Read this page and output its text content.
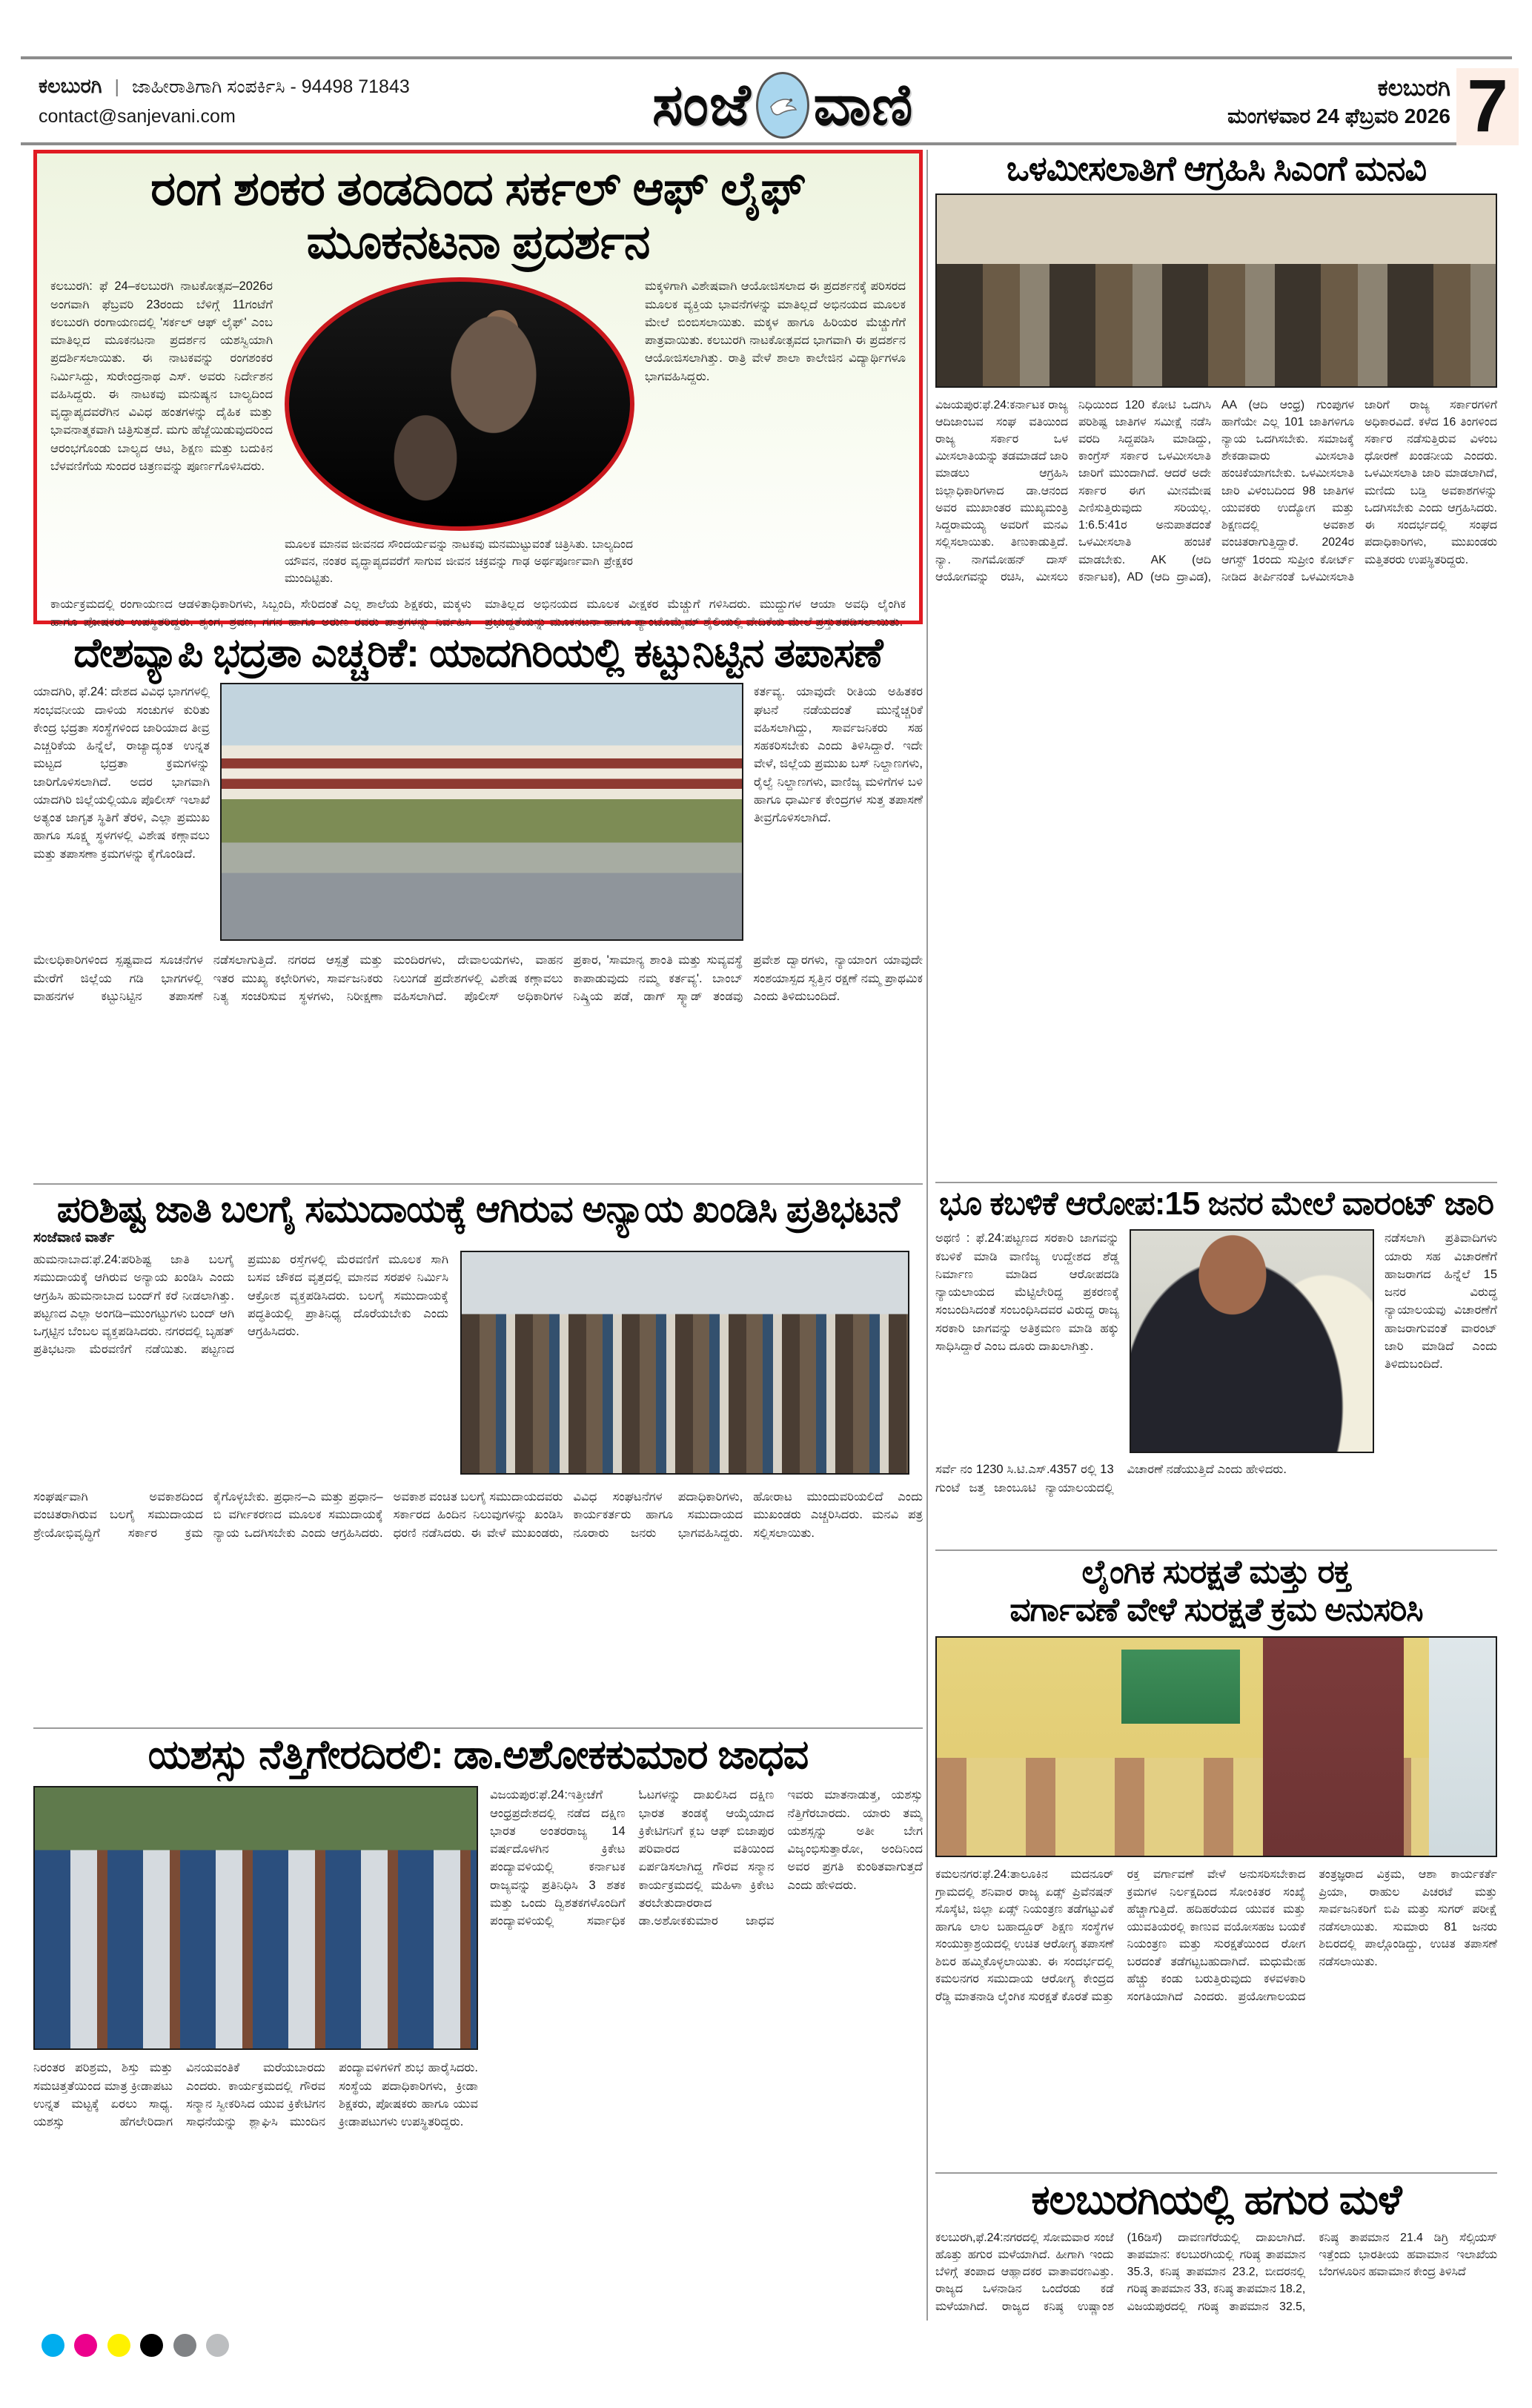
ಕಲಬುರಗಿ | ಜಾಹೀರಾತಿಗಾಗಿ ಸಂಪರ್ಕಿಸಿ - 94498 71843
contact@sanjevani.com	ಸಂಜೆ ವಾಣಿ	ಕಲಬುರಗಿ
ಮಂಗಳವಾರ 24 ಫೆಬ್ರವರಿ 2026 7
ರಂಗ ಶಂಕರ ತಂಡದಿಂದ ಸರ್ಕಲ್ ಆಫ್ ಲೈಫ್ ಮೂಕನಟನಾ ಪ್ರದರ್ಶನ
ಕಲಬುರಗಿ: ಫೆ 24–ಕಲಬುರಗಿ ನಾಟಕೋತ್ಸವ–2026ರ ಅಂಗವಾಗಿ ಫೆಬ್ರವರಿ 23ರಂದು ಬೆಳಿಗ್ಗೆ 11ಗಂಟೆಗೆ ಕಲಬುರಗಿ ರಂಗಾಯಣದಲ್ಲಿ 'ಸರ್ಕಲ್ ಆಫ್ ಲೈಫ್' ಎಂಬ ಮಾತಿಲ್ಲದ ಮೂಕನಟನಾ ಪ್ರದರ್ಶನ ಯಶಸ್ವಿಯಾಗಿ ಪ್ರದರ್ಶಿಸಲಾಯಿತು. ಈ ನಾಟಕವನ್ನು ರಂಗಶಂಕರ ನಿರ್ಮಿಸಿದ್ದು, ಸುರೇಂದ್ರನಾಥ ಎಸ್. ಅವರು ನಿರ್ದೇಶನ ವಹಿಸಿದ್ದರು. ಈ ನಾಟಕವು ಮನುಷ್ಯನ ಬಾಲ್ಯದಿಂದ ವೃದ್ಧಾಪ್ಯದವರೆಗಿನ ವಿವಿಧ ಹಂತಗಳನ್ನು ದೈಹಿಕ ಮತ್ತು ಭಾವನಾತ್ಮಕವಾಗಿ ಚಿತ್ರಿಸುತ್ತದೆ. ಮಗು ಹೆಜ್ಜೆಯಿಡುವುದರಿಂದ ಆರಂಭಗೊಂಡು ಬಾಲ್ಯದ ಆಟ, ಶಿಕ್ಷಣ ಮತ್ತು ಬದುಕಿನ ಬೆಳವಣಿಗೆಯ ಸುಂದರ ಚಿತ್ರಣವನ್ನು ಪೂರ್ಣಗೊಳಿಸಿದರು.
ಮೂಲಕ ಮಾನವ ಜೀವನದ ಸೌಂದರ್ಯವನ್ನು ನಾಟಕವು ಮನಮುಟ್ಟುವಂತೆ ಚಿತ್ರಿಸಿತು. ಬಾಲ್ಯದಿಂದ ಯೌವನ, ನಂತರ ವೃದ್ಧಾಪ್ಯದವರೆಗೆ ಸಾಗುವ ಜೀವನ ಚಕ್ರವನ್ನು ಗಾಢ ಅರ್ಥಪೂರ್ಣವಾಗಿ ಪ್ರೇಕ್ಷಕರ ಮುಂದಿಟ್ಟಿತು.
ಮಕ್ಕಳಿಗಾಗಿ ವಿಶೇಷವಾಗಿ ಆಯೋಜಿಸಲಾದ ಈ ಪ್ರದರ್ಶನಕ್ಕೆ ಪರಿಸರದ ಮೂಲಕ ವ್ಯಕ್ತಿಯ ಭಾವನೆಗಳನ್ನು ಮಾತಿಲ್ಲದೆ ಅಭಿನಯದ ಮೂಲಕ ಮೇಲೆ ಬಿಂಬಿಸಲಾಯಿತು. ಮಕ್ಕಳ ಹಾಗೂ ಹಿರಿಯರ ಮೆಚ್ಚುಗೆಗೆ ಪಾತ್ರವಾಯಿತು. ಕಲಬುರಗಿ ನಾಟಕೋತ್ಸವದ ಭಾಗವಾಗಿ ಈ ಪ್ರದರ್ಶನ ಆಯೋಜಿಸಲಾಗಿತ್ತು. ರಾತ್ರಿ ವೇಳೆ ಶಾಲಾ ಕಾಲೇಜಿನ ವಿದ್ಯಾರ್ಥಿಗಳೂ ಭಾಗವಹಿಸಿದ್ದರು.
ಕಾರ್ಯಕ್ರಮದಲ್ಲಿ ರಂಗಾಯಣದ ಆಡಳಿತಾಧಿಕಾರಿಗಳು, ಸಿಬ್ಬಂದಿ, ಸೇರಿದಂತೆ ಎಲ್ಲ ಶಾಲೆಯ ಶಿಕ್ಷಕರು, ಮಕ್ಕಳು ಹಾಗೂ ಪೋಷಕರು ಉಪಸ್ಥಿತರಿದ್ದರು. ಶೃಂಗ, ಶ್ರವಣ, ಗಗನ ಹಾಗೂ ಅರುಣ ರವರು ಪಾತ್ರಗಳನ್ನು ನಿರ್ವಹಿಸಿ ಮಾತಿಲ್ಲದ ಅಭಿನಯದ ಮೂಲಕ ವೀಕ್ಷಕರ ಮೆಚ್ಚುಗೆ ಗಳಿಸಿದರು. ಮುದ್ದುಗಳ ಆಯಾ ಅವಧಿ ಲೈಂಗಿಕ ಪ್ರಭುದ್ದತೆಯನ್ನು ಮೂಕನಟನಾ ಹಾಗೂ ಪ್ಯಾಂಟೊಮೈಮ್ ಶೈಲಿಯಲ್ಲಿ ವೇದಿಕೆಯ ಮೇಲೆ ಪ್ರಸ್ತುತಪಡಿಸಲಾಯಿತು.
ದೇಶವ್ಯಾಪಿ ಭದ್ರತಾ ಎಚ್ಚರಿಕೆ: ಯಾದಗಿರಿಯಲ್ಲಿ ಕಟ್ಟುನಿಟ್ಟಿನ ತಪಾಸಣೆ
ಯಾದಗಿರಿ, ಫೆ.24: ದೇಶದ ವಿವಿಧ ಭಾಗಗಳಲ್ಲಿ ಸಂಭವನೀಯ ದಾಳಿಯ ಸಂಚುಗಳ ಕುರಿತು ಕೇಂದ್ರ ಭದ್ರತಾ ಸಂಸ್ಥೆಗಳಿಂದ ಜಾರಿಯಾದ ತೀವ್ರ ಎಚ್ಚರಿಕೆಯ ಹಿನ್ನೆಲೆ, ರಾಜ್ಯಾದ್ಯಂತ ಉನ್ನತ ಮಟ್ಟದ ಭದ್ರತಾ ಕ್ರಮಗಳನ್ನು ಜಾರಿಗೊಳಿಸಲಾಗಿದೆ. ಅದರ ಭಾಗವಾಗಿ ಯಾದಗಿರಿ ಜಿಲ್ಲೆಯಲ್ಲಿಯೂ ಪೊಲೀಸ್ ಇಲಾಖೆ ಅತ್ಯಂತ ಜಾಗೃತ ಸ್ಥಿತಿಗೆ ತೆರಳಿ, ಎಲ್ಲಾ ಪ್ರಮುಖ ಹಾಗೂ ಸೂಕ್ಷ್ಮ ಸ್ಥಳಗಳಲ್ಲಿ ವಿಶೇಷ ಕಣ್ಗಾವಲು ಮತ್ತು ತಪಾಸಣಾ ಕ್ರಮಗಳನ್ನು ಕೈಗೊಂಡಿದೆ.
ಕರ್ತವ್ಯ. ಯಾವುದೇ ರೀತಿಯ ಅಹಿತಕರ ಘಟನೆ ನಡೆಯದಂತೆ ಮುನ್ನೆಚ್ಚರಿಕೆ ವಹಿಸಲಾಗಿದ್ದು, ಸಾರ್ವಜನಿಕರು ಸಹ ಸಹಕರಿಸಬೇಕು ಎಂದು ತಿಳಿಸಿದ್ದಾರೆ. ಇದೇ ವೇಳೆ, ಜಿಲ್ಲೆಯ ಪ್ರಮುಖ ಬಸ್ ನಿಲ್ದಾಣಗಳು, ರೈಲ್ವೆ ನಿಲ್ದಾಣಗಳು, ವಾಣಿಜ್ಯ ಮಳಿಗೆಗಳ ಬಳಿ ಹಾಗೂ ಧಾರ್ಮಿಕ ಕೇಂದ್ರಗಳ ಸುತ್ತ ತಪಾಸಣೆ ತೀವ್ರಗೊಳಿಸಲಾಗಿದೆ.
ಮೇಲಧಿಕಾರಿಗಳಿಂದ ಸ್ಪಷ್ಟವಾದ ಸೂಚನೆಗಳ ಮೇರೆಗೆ ಜಿಲ್ಲೆಯ ಗಡಿ ಭಾಗಗಳಲ್ಲಿ ವಾಹನಗಳ ಕಟ್ಟುನಿಟ್ಟಿನ ತಪಾಸಣೆ ನಡೆಸಲಾಗುತ್ತಿದೆ. ನಗರದ ಆಸ್ಪತ್ರೆ ಮತ್ತು ಇತರ ಮುಖ್ಯ ಕಛೇರಿಗಳು, ಸಾರ್ವಜನಿಕರು ನಿತ್ಯ ಸಂಚರಿಸುವ ಸ್ಥಳಗಳು, ನಿರೀಕ್ಷಣಾ ಮಂದಿರಗಳು, ದೇವಾಲಯಗಳು, ವಾಹನ ನಿಲುಗಡೆ ಪ್ರದೇಶಗಳಲ್ಲಿ ವಿಶೇಷ ಕಣ್ಗಾವಲು ವಹಿಸಲಾಗಿದೆ. ಪೊಲೀಸ್ ಅಧಿಕಾರಿಗಳ ಪ್ರಕಾರ, 'ಸಾಮಾನ್ಯ ಶಾಂತಿ ಮತ್ತು ಸುವ್ಯವಸ್ಥೆ ಕಾಪಾಡುವುದು ನಮ್ಮ ಕರ್ತವ್ಯ'. ಬಾಂಬ್ ನಿಷ್ಕ್ರಿಯ ಪಡೆ, ಡಾಗ್ ಸ್ಕ್ವಾಡ್ ತಂಡವು ಪ್ರವೇಶ ದ್ವಾರಗಳು, ನ್ಯಾಯಾಂಗ ಯಾವುದೇ ಸಂಶಯಾಸ್ಪದ ಸ್ವತ್ತಿನ ರಕ್ಷಣೆ ನಮ್ಮ ಪ್ರಾಥಮಿಕ ಎಂದು ತಿಳಿದುಬಂದಿದೆ.
ಪರಿಶಿಷ್ಟ ಜಾತಿ ಬಲಗೈ ಸಮುದಾಯಕ್ಕೆ ಆಗಿರುವ ಅನ್ಯಾಯ ಖಂಡಿಸಿ ಪ್ರತಿಭಟನೆ
ಸಂಜೆವಾಣಿ ವಾರ್ತೆ
ಹುಮನಾಬಾದ:ಫೆ.24:ಪರಿಶಿಷ್ಟ ಜಾತಿ ಬಲಗೈ ಸಮುದಾಯಕ್ಕೆ ಆಗಿರುವ ಅನ್ಯಾಯ ಖಂಡಿಸಿ ಎಂದು ಆಗ್ರಹಿಸಿ ಹುಮನಾಬಾದ ಬಂದ್‌ಗೆ ಕರೆ ನೀಡಲಾಗಿತ್ತು. ಪಟ್ಟಣದ ಎಲ್ಲಾ ಅಂಗಡಿ–ಮುಂಗಟ್ಟುಗಳು ಬಂದ್ ಆಗಿ ಒಗ್ಗಟ್ಟಿನ ಬೆಂಬಲ ವ್ಯಕ್ತಪಡಿಸಿದರು. ನಗರದಲ್ಲಿ ಬೃಹತ್ ಪ್ರತಿಭಟನಾ ಮೆರವಣಿಗೆ ನಡೆಯಿತು. ಪಟ್ಟಣದ ಪ್ರಮುಖ ರಸ್ತೆಗಳಲ್ಲಿ ಮೆರವಣಿಗೆ ಮೂಲಕ ಸಾಗಿ ಬಸವ ಚೌಕದ ವೃತ್ತದಲ್ಲಿ ಮಾನವ ಸರಪಳಿ ನಿರ್ಮಿಸಿ ಆಕ್ರೋಶ ವ್ಯಕ್ತಪಡಿಸಿದರು. ಬಲಗೈ ಸಮುದಾಯಕ್ಕೆ ಪದ್ಧತಿಯಲ್ಲಿ ಪ್ರಾತಿನಿಧ್ಯ ದೊರೆಯಬೇಕು ಎಂದು ಆಗ್ರಹಿಸಿದರು.
ಸಂಘರ್ಷವಾಗಿ ಅವಕಾಶದಿಂದ ವಂಚಿತರಾಗಿರುವ ಬಲಗೈ ಸಮುದಾಯದ ಶ್ರೇಯೋಭಿವೃದ್ಧಿಗೆ ಸರ್ಕಾರ ಕ್ರಮ ಕೈಗೊಳ್ಳಬೇಕು. ಪ್ರಧಾನ–ಎ ಮತ್ತು ಪ್ರಧಾನ–ಬಿ ವರ್ಗೀಕರಣದ ಮೂಲಕ ಸಮುದಾಯಕ್ಕೆ ನ್ಯಾಯ ಒದಗಿಸಬೇಕು ಎಂದು ಆಗ್ರಹಿಸಿದರು. ಅವಕಾಶ ವಂಚಿತ ಬಲಗೈ ಸಮುದಾಯದವರು ಸರ್ಕಾರದ ಹಿಂದಿನ ನಿಲುವುಗಳನ್ನು ಖಂಡಿಸಿ ಧರಣಿ ನಡೆಸಿದರು. ಈ ವೇಳೆ ಮುಖಂಡರು, ವಿವಿಧ ಸಂಘಟನೆಗಳ ಪದಾಧಿಕಾರಿಗಳು, ಕಾರ್ಯಕರ್ತರು ಹಾಗೂ ಸಮುದಾಯದ ನೂರಾರು ಜನರು ಭಾಗವಹಿಸಿದ್ದರು. ಹೋರಾಟ ಮುಂದುವರಿಯಲಿದೆ ಎಂದು ಮುಖಂಡರು ಎಚ್ಚರಿಸಿದರು. ಮನವಿ ಪತ್ರ ಸಲ್ಲಿಸಲಾಯಿತು.
ಯಶಸ್ಸು ನೆತ್ತಿಗೇರದಿರಲಿ: ಡಾ.ಅಶೋಕಕುಮಾರ ಜಾಧವ
ನಿರಂತರ ಪರಿಶ್ರಮ, ಶಿಸ್ತು ಮತ್ತು ಸಮಚಿತ್ತತೆಯಿಂದ ಮಾತ್ರ ಕ್ರೀಡಾಪಟು ಉನ್ನತ ಮಟ್ಟಕ್ಕೆ ಏರಲು ಸಾಧ್ಯ. ಯಶಸ್ಸು ಹೆಗಲೇರಿದಾಗ ವಿನಯವಂತಿಕೆ ಮರೆಯಬಾರದು ಎಂದರು. ಕಾರ್ಯಕ್ರಮದಲ್ಲಿ ಗೌರವ ಸನ್ಮಾನ ಸ್ವೀಕರಿಸಿದ ಯುವ ಕ್ರಿಕೇಟಿಗನ ಸಾಧನೆಯನ್ನು ಶ್ಲಾಘಿಸಿ ಮುಂದಿನ ಪಂದ್ಯಾವಳಿಗಳಿಗೆ ಶುಭ ಹಾರೈಸಿದರು. ಸಂಸ್ಥೆಯ ಪದಾಧಿಕಾರಿಗಳು, ಕ್ರೀಡಾ ಶಿಕ್ಷಕರು, ಪೋಷಕರು ಹಾಗೂ ಯುವ ಕ್ರೀಡಾಪಟುಗಳು ಉಪಸ್ಥಿತರಿದ್ದರು.
ವಿಜಯಪುರ:ಫೆ.24:ಇತ್ತೀಚೆಗೆ ಆಂಧ್ರಪ್ರದೇಶದಲ್ಲಿ ನಡೆದ ದಕ್ಷಿಣ ಭಾರತ ಅಂತರರಾಜ್ಯ 14 ವರ್ಷದೊಳಗಿನ ಕ್ರಿಕೇಟ ಪಂದ್ಯಾವಳಿಯಲ್ಲಿ ಕರ್ನಾಟಕ ರಾಜ್ಯವನ್ನು ಪ್ರತಿನಿಧಿಸಿ 3 ಶತಕ ಮತ್ತು ಒಂದು ದ್ವಿಶತಕಗಳೊಂದಿಗೆ ಪಂದ್ಯಾವಳಿಯಲ್ಲಿ ಸರ್ವಾಧಿಕ ಓಟಗಳನ್ನು ದಾಖಲಿಸಿದ ದಕ್ಷಿಣ ಭಾರತ ತಂಡಕ್ಕೆ ಆಯ್ಕೆಯಾದ ಕ್ರಿಕೇಟಿಗನಿಗೆ ಕ್ಲಬ ಆಫ್ ಬಿಜಾಪುರ ಪರಿವಾರದ ವತಿಯಿಂದ ಏರ್ಪಡಿಸಲಾಗಿದ್ದ ಗೌರವ ಸನ್ಮಾನ ಕಾರ್ಯಕ್ರಮದಲ್ಲಿ ಮಹಿಳಾ ಕ್ರಿಕೇಟ ತರಬೇತುದಾರರಾದ ಡಾ.ಅಶೋಕಕುಮಾರ ಜಾಧವ ಇವರು ಮಾತನಾಡುತ್ತ, ಯಶಸ್ಸು ನೆತ್ತಿಗೆರಬಾರದು. ಯಾರು ತಮ್ಮ ಯಶಸ್ಸನ್ನು ಅತೀ ಬೇಗ ವಿಜೃಂಭಿಸುತ್ತಾರೋ, ಅಂದಿನಿಂದ ಅವರ ಪ್ರಗತಿ ಕುಂಠಿತವಾಗುತ್ತದೆ ಎಂದು ಹೇಳಿದರು.
ಒಳಮೀಸಲಾತಿಗೆ ಆಗ್ರಹಿಸಿ ಸಿಎಂಗೆ ಮನವಿ
ವಿಜಯಪುರ:ಫೆ.24:ಕರ್ನಾಟಕ ರಾಜ್ಯ ಆದಿಜಾಂಬವ ಸಂಘ ವತಿಯಿಂದ ರಾಜ್ಯ ಸರ್ಕಾರ ಒಳ ಮೀಸಲಾತಿಯನ್ನು ತಡಮಾಡದೆ ಜಾರಿ ಮಾಡಲು ಆಗ್ರಹಿಸಿ ಜಿಲ್ಲಾಧಿಕಾರಿಗಳಾದ ಡಾ.ಆನಂದ ಅವರ ಮುಖಾಂತರ ಮುಖ್ಯಮಂತ್ರಿ ಸಿದ್ದರಾಮಯ್ಯ ಅವರಿಗೆ ಮನವಿ ಸಲ್ಲಿಸಲಾಯಿತು. ತಿಣುಕಾಡುತ್ತಿದೆ. ನ್ಯಾ. ನಾಗಮೋಹನ್ ದಾಸ್ ಆಯೋಗವನ್ನು ರಚಿಸಿ, ಮೀಸಲು ನಿಧಿಯಿಂದ 120 ಕೋಟಿ ಒದಗಿಸಿ ಪರಿಶಿಷ್ಟ ಜಾತಿಗಳ ಸಮೀಕ್ಷೆ ನಡೆಸಿ ವರದಿ ಸಿದ್ದಪಡಿಸಿ ಮಾಡಿದ್ದು, ಕಾಂಗ್ರೆಸ್ ಸರ್ಕಾರ ಒಳಮೀಸಲಾತಿ ಜಾರಿಗೆ ಮುಂದಾಗಿದೆ. ಆದರೆ ಅದೇ ಸರ್ಕಾರ ಈಗ ಮೀನಮೇಷ ಎಣಿಸುತ್ತಿರುವುದು ಸರಿಯಲ್ಲ. 1:6.5:41ರ ಅನುಪಾತದಂತೆ ಒಳಮೀಸಲಾತಿ ಹಂಚಿಕೆ ಮಾಡಬೇಕು. AK (ಆದಿ ಕರ್ನಾಟಕ), AD (ಆದಿ ದ್ರಾವಿಡ), AA (ಆದಿ ಆಂಧ್ರ) ಗುಂಪುಗಳ ಹಾಗೆಯೇ ಎಲ್ಲ 101 ಜಾತಿಗಳಿಗೂ ನ್ಯಾಯ ಒದಗಿಸಬೇಕು. ಸಮಾಜಕ್ಕೆ ಶೇಕಡಾವಾರು ಮೀಸಲಾತಿ ಹಂಚಿಕೆಯಾಗಬೇಕು. ಒಳಮೀಸಲಾತಿ ಜಾರಿ ವಿಳಂಬದಿಂದ 98 ಜಾತಿಗಳ ಯುವಕರು ಉದ್ಯೋಗ ಮತ್ತು ಶಿಕ್ಷಣದಲ್ಲಿ ಅವಕಾಶ ವಂಚಿತರಾಗುತ್ತಿದ್ದಾರೆ. 2024ರ ಆಗಸ್ಟ್ 1ರಂದು ಸುಪ್ರೀಂ ಕೋರ್ಟ್ ನೀಡಿದ ತೀರ್ಪಿನಂತೆ ಒಳಮೀಸಲಾತಿ ಜಾರಿಗೆ ರಾಜ್ಯ ಸರ್ಕಾರಗಳಿಗೆ ಅಧಿಕಾರವಿದೆ. ಕಳೆದ 16 ತಿಂಗಳಿಂದ ಸರ್ಕಾರ ನಡೆಸುತ್ತಿರುವ ವಿಳಂಬ ಧೋರಣೆ ಖಂಡನೀಯ ಎಂದರು. ಒಳಮೀಸಲಾತಿ ಜಾರಿ ಮಾಡಲಾಗಿದೆ, ಮಣಿದು ಬಡ್ತಿ ಅವಕಾಶಗಳನ್ನು ಒದಗಿಸಬೇಕು ಎಂದು ಆಗ್ರಹಿಸಿದರು. ಈ ಸಂದರ್ಭದಲ್ಲಿ ಸಂಘದ ಪದಾಧಿಕಾರಿಗಳು, ಮುಖಂಡರು ಮತ್ತಿತರರು ಉಪಸ್ಥಿತರಿದ್ದರು.
ಭೂ ಕಬಳಿಕೆ ಆರೋಪ:15 ಜನರ ಮೇಲೆ ವಾರಂಟ್ ಜಾರಿ
ಅಥಣಿ : ಫೆ.24:ಪಟ್ಟಣದ ಸರಕಾರಿ ಜಾಗವನ್ನು ಕಬಳಿಕೆ ಮಾಡಿ ವಾಣಿಜ್ಯ ಉದ್ದೇಶದ ಶೆಡ್ಡ ನಿರ್ಮಾಣ ಮಾಡಿದ ಆರೋಪದಡಿ ನ್ಯಾಯಲಾಯದ ಮೆಟ್ಟಿಲೇರಿದ್ದ ಪ್ರಕರಣಕ್ಕೆ ಸಂಬಂದಿಸಿದಂತೆ ಸಂಬಂಧಿಸಿದವರ ವಿರುದ್ದ ರಾಜ್ಯ ಸರಕಾರಿ ಜಾಗವನ್ನು ಅತಿಕ್ರಮಣ ಮಾಡಿ ಹಕ್ಕು ಸಾಧಿಸಿದ್ದಾರೆ ಎಂಬ ದೂರು ದಾಖಲಾಗಿತ್ತು.
ನಡೆಸಲಾಗಿ ಪ್ರತಿವಾದಿಗಳು ಯಾರು ಸಹ ವಿಚಾರಣೆಗೆ ಹಾಜರಾಗದ ಹಿನ್ನೆಲೆ 15 ಜನರ ವಿರುದ್ಧ ನ್ಯಾಯಾಲಯವು ವಿಚಾರಣೆಗೆ ಹಾಜರಾಗುವಂತೆ ವಾರಂಟ್ ಜಾರಿ ಮಾಡಿದೆ ಎಂದು ತಿಳಿದುಬಂದಿದೆ.
ಸರ್ವೆ ನಂ 1230 ಸಿ.ಟಿ.ಎಸ್.4357 ರಲ್ಲಿ 13 ಗುಂಟೆ ಜತ್ತ ಜಾಂಬೂಟಿ ನ್ಯಾಯಾಲಯದಲ್ಲಿ ವಿಚಾರಣೆ ನಡೆಯುತ್ತಿದೆ ಎಂದು ಹೇಳಿದರು.
ಲೈಂಗಿಕ ಸುರಕ್ಷತೆ ಮತ್ತು ರಕ್ತ
ವರ್ಗಾವಣೆ ವೇಳೆ ಸುರಕ್ಷತೆ ಕ್ರಮ ಅನುಸರಿಸಿ
ಕಮಲನಗರ:ಫೆ.24:ತಾಲೂಕಿನ ಮದನೂರ್ ಗ್ರಾಮದಲ್ಲಿ ಶನಿವಾರ ರಾಜ್ಯ ಏಡ್ಸ್ ಪ್ರಿವೆನಷನ್ ಸೊಸ್ಕೆಟಿ, ಜಿಲ್ಲಾ ಏಡ್ಸ್ ನಿಯಂತ್ರಣ ತಡೆಗಟ್ಟುವಿಕೆ ಹಾಗೂ ಲಾಲ ಬಹಾದ್ದೂರ್ ಶಿಕ್ಷಣ ಸಂಸ್ಥೆಗಳ ಸಂಯುಕ್ತಾಶ್ರಯದಲ್ಲಿ ಉಚಿತ ಆರೋಗ್ಯ ತಪಾಸಣೆ ಶಿಬಿರ ಹಮ್ಮಿಕೊಳ್ಳಲಾಯಿತು. ಈ ಸಂದರ್ಭದಲ್ಲಿ ಕಮಲನಗರ ಸಮುದಾಯ ಆರೋಗ್ಯ ಕೇಂದ್ರದ ರೆಡ್ಡಿ ಮಾತನಾಡಿ ಲೈಂಗಿಕ ಸುರಕ್ಷತೆ ಕೊರತೆ ಮತ್ತು ರಕ್ತ ವರ್ಗಾವಣೆ ವೇಳೆ ಅನುಸರಿಸಬೇಕಾದ ಕ್ರಮಗಳ ನಿರ್ಲಕ್ಷದಿಂದ ಸೋಂಕಿತರ ಸಂಖ್ಯೆ ಹೆಚ್ಚಾಗುತ್ತಿದೆ. ಹದಿಹರೆಯದ ಯುವಕ ಮತ್ತು ಯುವತಿಯರಲ್ಲಿ ಕಾಣುವ ವಯೋಸಹಜ ಬಯಕೆ ನಿಯಂತ್ರಣ ಮತ್ತು ಸುರಕ್ಷತೆಯಿಂದ ರೋಗ ಬರದಂತೆ ತಡೆಗಟ್ಟಬಹುದಾಗಿದೆ. ಮಧುಮೇಹ ಹೆಚ್ಚು ಕಂಡು ಬರುತ್ತಿರುವುದು ಕಳವಳಕಾರಿ ಸಂಗತಿಯಾಗಿದೆ ಎಂದರು. ಪ್ರಯೋಗಾಲಯದ ತಂತ್ರಜ್ಞರಾದ ವಿಕ್ರಮ, ಆಶಾ ಕಾರ್ಯಕರ್ತೆ ಪ್ರಿಯಾ, ರಾಹುಲ ಪಿಚರಟೆ ಮತ್ತು ಸಾರ್ವಜನಿಕರಿಗೆ ಬಿಪಿ ಮತ್ತು ಸುಗರ್ ಪರೀಕ್ಷೆ ನಡೆಸಲಾಯಿತು. ಸುಮಾರು 81 ಜನರು ಶಿಬಿರದಲ್ಲಿ ಪಾಲ್ಗೊಂಡಿದ್ದು, ಉಚಿತ ತಪಾಸಣೆ ನಡೆಸಲಾಯಿತು.
ಕಲಬುರಗಿಯಲ್ಲಿ ಹಗುರ ಮಳೆ
ಕಲಬುರಗಿ,ಫೆ.24:ನಗರದಲ್ಲಿ ಸೋಮವಾರ ಸಂಜೆ ಹೊತ್ತು ಹಗುರ ಮಳೆಯಾಗಿದೆ. ಹೀಗಾಗಿ ಇಂದು ಬೆಳಿಗ್ಗೆ ತಂಪಾದ ಆಹ್ಲಾದಕರ ವಾತಾವರಣವಿತ್ತು. ರಾಜ್ಯದ ಒಳನಾಡಿನ ಒಂದೆರಡು ಕಡೆ ಮಳೆಯಾಗಿದೆ. ರಾಜ್ಯದ ಕನಿಷ್ಠ ಉಷ್ಣಾಂಶ (16ಡಿಸೆ) ದಾವಣಗೆರೆಯಲ್ಲಿ ದಾಖಲಾಗಿದೆ. ತಾಪಮಾನ: ಕಲಬುರಗಿಯಲ್ಲಿ ಗರಿಷ್ಠ ತಾಪಮಾನ 35.3, ಕನಿಷ್ಠ ತಾಪಮಾನ 23.2, ಬೀದರನಲ್ಲಿ ಗರಿಷ್ಠ ತಾಪಮಾನ 33, ಕನಿಷ್ಠ ತಾಪಮಾನ 18.2, ವಿಜಯಪುರದಲ್ಲಿ ಗರಿಷ್ಠ ತಾಪಮಾನ 32.5, ಕನಿಷ್ಠ ತಾಪಮಾನ 21.4 ಡಿಗ್ರಿ ಸೆಲ್ಸಿಯಸ್ ಇತ್ತೆಂದು ಭಾರತೀಯ ಹವಾಮಾನ ಇಲಾಖೆಯ ಬೆಂಗಳೂರಿನ ಹವಾಮಾನ ಕೇಂದ್ರ ತಿಳಿಸಿದೆ
